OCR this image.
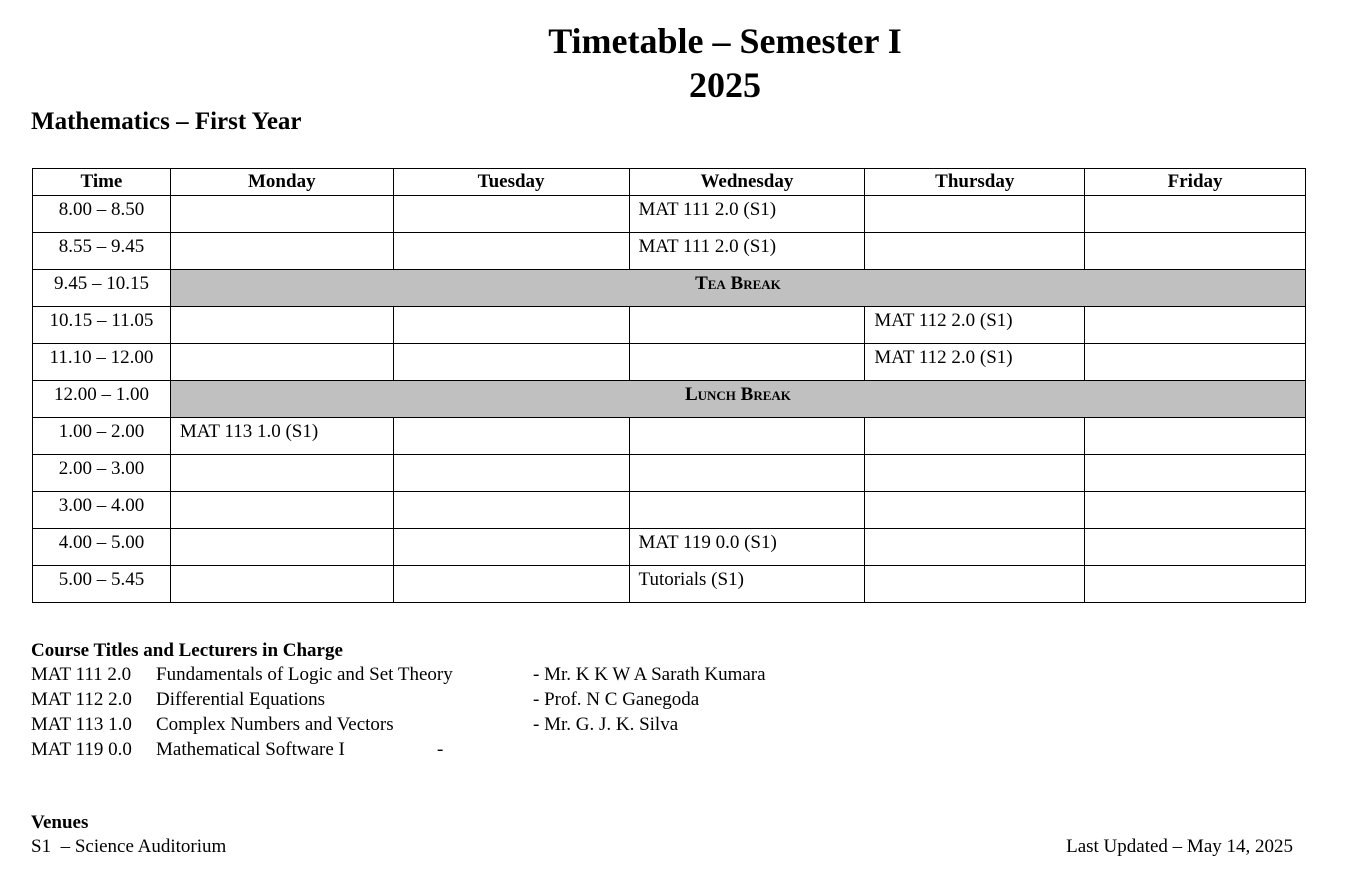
Timetable – Semester I
2025
Mathematics – First Year
Time	Monday	Tuesday	Wednesday	Thursday	Friday
8.00 – 8.50			MAT 111 2.0 (S1)		
8.55 – 9.45			MAT 111 2.0 (S1)		
9.45 – 10.15	Tea Break				
10.15 – 11.05				MAT 112 2.0 (S1)	
11.10 – 12.00				MAT 112 2.0 (S1)	
12.00 – 1.00	Lunch Break				
1.00 – 2.00	MAT 113 1.0 (S1)				
2.00 – 3.00					
3.00 – 4.00					
4.00 – 5.00			MAT 119 0.0 (S1)		
5.00 – 5.45			Tutorials (S1)		
Course Titles and Lecturers in Charge
MAT 111 2.0 Fundamentals of Logic and Set Theory	- Mr. K K W A Sarath Kumara
MAT 112 2.0 Differential Equations	- Prof. N C Ganegoda
MAT 113 1.0 Complex Numbers and Vectors	- Mr. G. J. K. Silva
MAT 119 0.0 Mathematical Software I	-
Venues
S1  – Science Auditorium	Last Updated – May 14, 2025
